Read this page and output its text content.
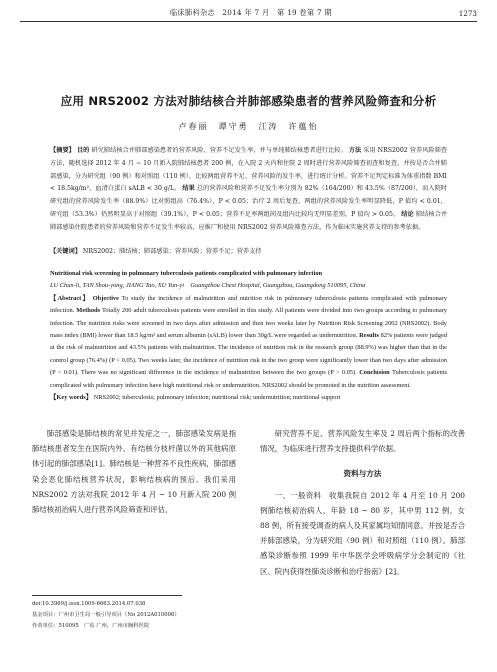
临床肺科杂志　2014 年 7 月　第 19 卷第 7 期	1273
应用 NRS2002 方法对肺结核合并肺部感染患者的营养风险筛查和分析
卢春丽　谭守勇　江涛　许蕴怡
【摘要】 目的 研究肺结核合并肺部感染患者的营养风险、营养不足发生率，并与单纯肺结核患者进行比较。 方法 采用 NRS2002 营养风险筛查方法，随机选择 2012 年 4 月 ~ 10 月新入院肺结核患者 200 例，在入院 2 天内和住院 2 周时进行营养风险筛查初查和复查，并按是否合并肺部感染，分为研究组（90 例）和对照组（110 例），比较两组营养不足、营养风险的发生率，进行统计分析。营养不足判定标准为体重指数 BMI < 18.5kg/m²，血清白蛋白 sALB < 30 g/L。 结果 总的营养风险和营养不足发生率分别为 82%（164/200）和 43.5%（87/200），而入院时研究组的营养风险发生率（88.9%）比对照组高（76.4%），P < 0.05；治疗 2 周后复查，两组的营养风险发生率明显降低，P 值均 < 0.01，研究组（53.3%）仍然明显高于对照组（39.1%），P < 0.05；营养不足率两组间及组内比较均无明显差别，P 值均 > 0.05。 结论 肺结核合并肺部感染住院患者的营养风险和营养不足发生率较高，应推广和使用 NRS2002 营养风险筛查方法，作为临床实施营养支持的参考依据。
【关键词】 NRS2002；肺结核；肺部感染；营养风险；营养不足；营养支持
Nutritional risk screening in pulmonary tuberculosis patients complicated with pulmonary infection
LU Chun-li, TAN Shou-yong, JIANG Tao, XU Yun-yi　Guangzhou Chest Hospital, Guangzhou, Guangdong 510095, China
【Abstract】 Objective To study the incidence of malnutrition and nutrition risk in pulmonary tuberculosis patients complicated with pulmonary infection. Methods Totally 200 adult tuberculosis patients were enrolled in this study. All patients were divided into two groups according to pulmonary infection. The nutrition risks were screened in two days after admission and then two weeks later by Nutrition Risk Screening 2002 (NRS2002). Body mass index (BMI) lower than 18.5 kg/m² and serum albumin (sALB) lower than 30g/L were regarded as undernutrition. Results 82% patients were judged at the risk of malnutrition and 43.5% patients with malnutrition. The incidence of nutrition risk in the research group (88.9%) was higher than that in the control group (76.4%) (P < 0.05). Two weeks later, the incidence of nutrition risk in the two group were significantly lower than two days after admission (P < 0.01). There was no significant difference in the incidence of malnutrition between the two groups (P > 0.05). Conclusion Tuberculosis patients complicated with pulmonary infection have high nutritional risk or undernutrition. NRS2002 should be promoted in the nutrition assessment.
【Key words】 NRS2002; tuberculosis; pulmonary infection; nutritional risk; undernutrition; nutritional support

肺部感染是肺结核的常见并发症之一，肺部感染发病是指肺结核患者发生在医院内外、有结核分枝杆菌以外的其他病原体引起的肺部感染[1]。肺结核是一种营养不良性疾病，肺部感染会恶化肺结核营养状况，影响结核病的预后。我们采用 NRS2002 方法对我院 2012 年 4 月 ~ 10 月新入院 200 例肺结核初治病人进行营养风险筛查和评估，

研究营养不足、营养风险发生率及 2 周后两个指标的改善情况，为临床进行营养支持提供科学依据。

资料与方法

一、一般资料　收集我院自 2012 年 4 月至 10 月 200 例肺结核初治病人，年龄 18 ~ 80 岁，其中男 112 例，女 88 例，所有接受调查的病人及其家属均知情同意。并按是否合并肺部感染，分为研究组（90 例）和对照组（110 例）。肺部感染诊断参照 1999 年中华医学会呼吸病学分会制定的《社区、院内获得性肺炎诊断和治疗指南》[2]。

doi:10.3969/j.issn.1009-6663.2014.07.038
基金项目：广州市卫生局一般引导项目（No 2012A010006）
作者单位：510095　广东 广州，广州市胸科医院
